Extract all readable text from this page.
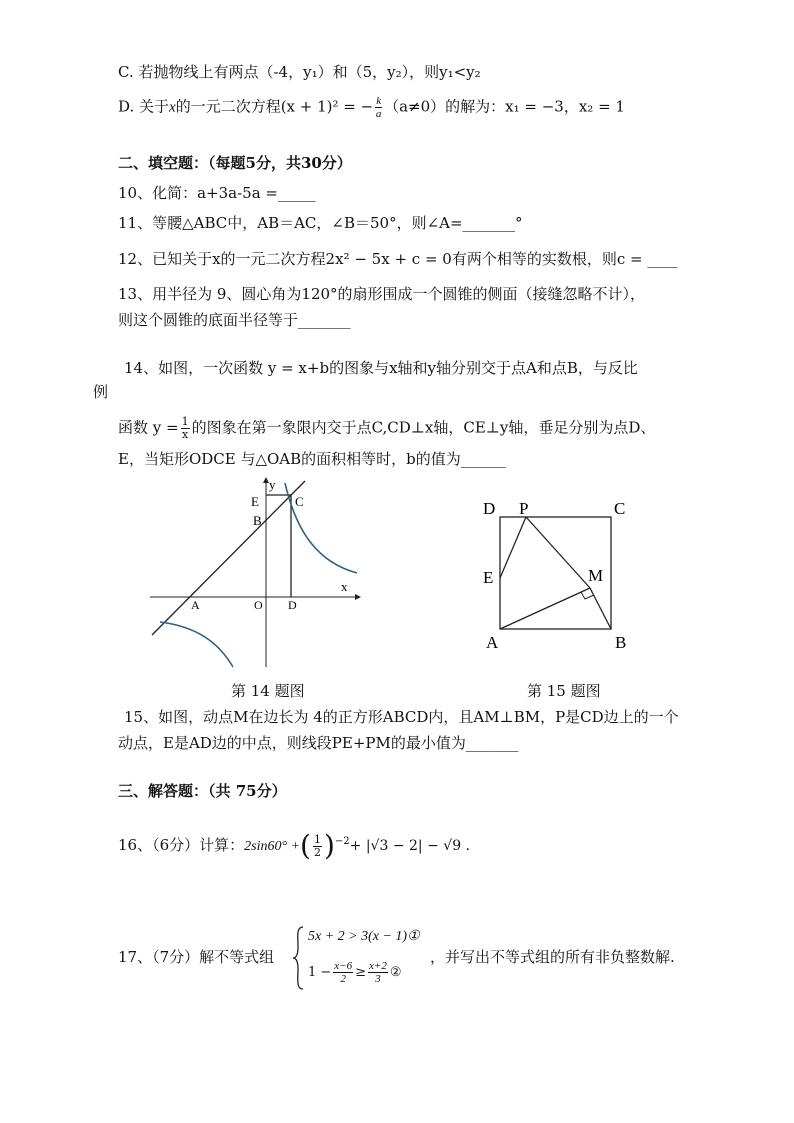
C. 若抛物线上有两点（-4，y₁）和（5，y₂），则y₁<y₂
D. 关于x的一元二次方程(x + 1)² = − $\frac{k}{a} (a\ne 0)$的解为：x₁ = −3，x₂ = 1
二、填空题：（每题5分，共30分）
10、化简：a+3a-5a =_____
11、等腰△ABC中，AB＝AC，∠B＝50°，则∠A=_______°
12、已知关于x的一元二次方程2x² − 5x + c = 0有两个相等的实数根，则c = ____
13、用半径为 9、圆心角为120°的扇形围成一个圆锥的侧面（接缝忽略不计），
则这个圆锥的底面半径等于_______
14、如图，一次函数 y = x+b的图象与x轴和y轴分别交于点A和点B，与反比
例
函数 $y = \frac{1}{x}$ 的图象在第一象限内交于点C,CD⊥x轴，CE⊥y轴，垂足分别为点D、
E，当矩形ODCE 与△OAB的面积相等时，b的值为______
y
E	C
B
x
A	O D
第 14 题图
D P	C
E	M
A	B
第 15 题图
15、如图，动点M在边长为 4的正方形ABCD内，且AM⊥BM，P是CD边上的一个
动点，E是AD边的中点，则线段PE+PM的最小值为_______
三、解答题：（共 75分）
16、（6分）计算：2sin60° +( $\frac{1}{2} )^{-2}+ |√3 - 2| - √9$ .
17、（7分）解不等式组
5x + 2 > 3(x − 1)①
$1 - \frac{x-6}{2} \ge \frac{x+2}{3}$ ②
，并写出不等式组的所有非负整数解.
